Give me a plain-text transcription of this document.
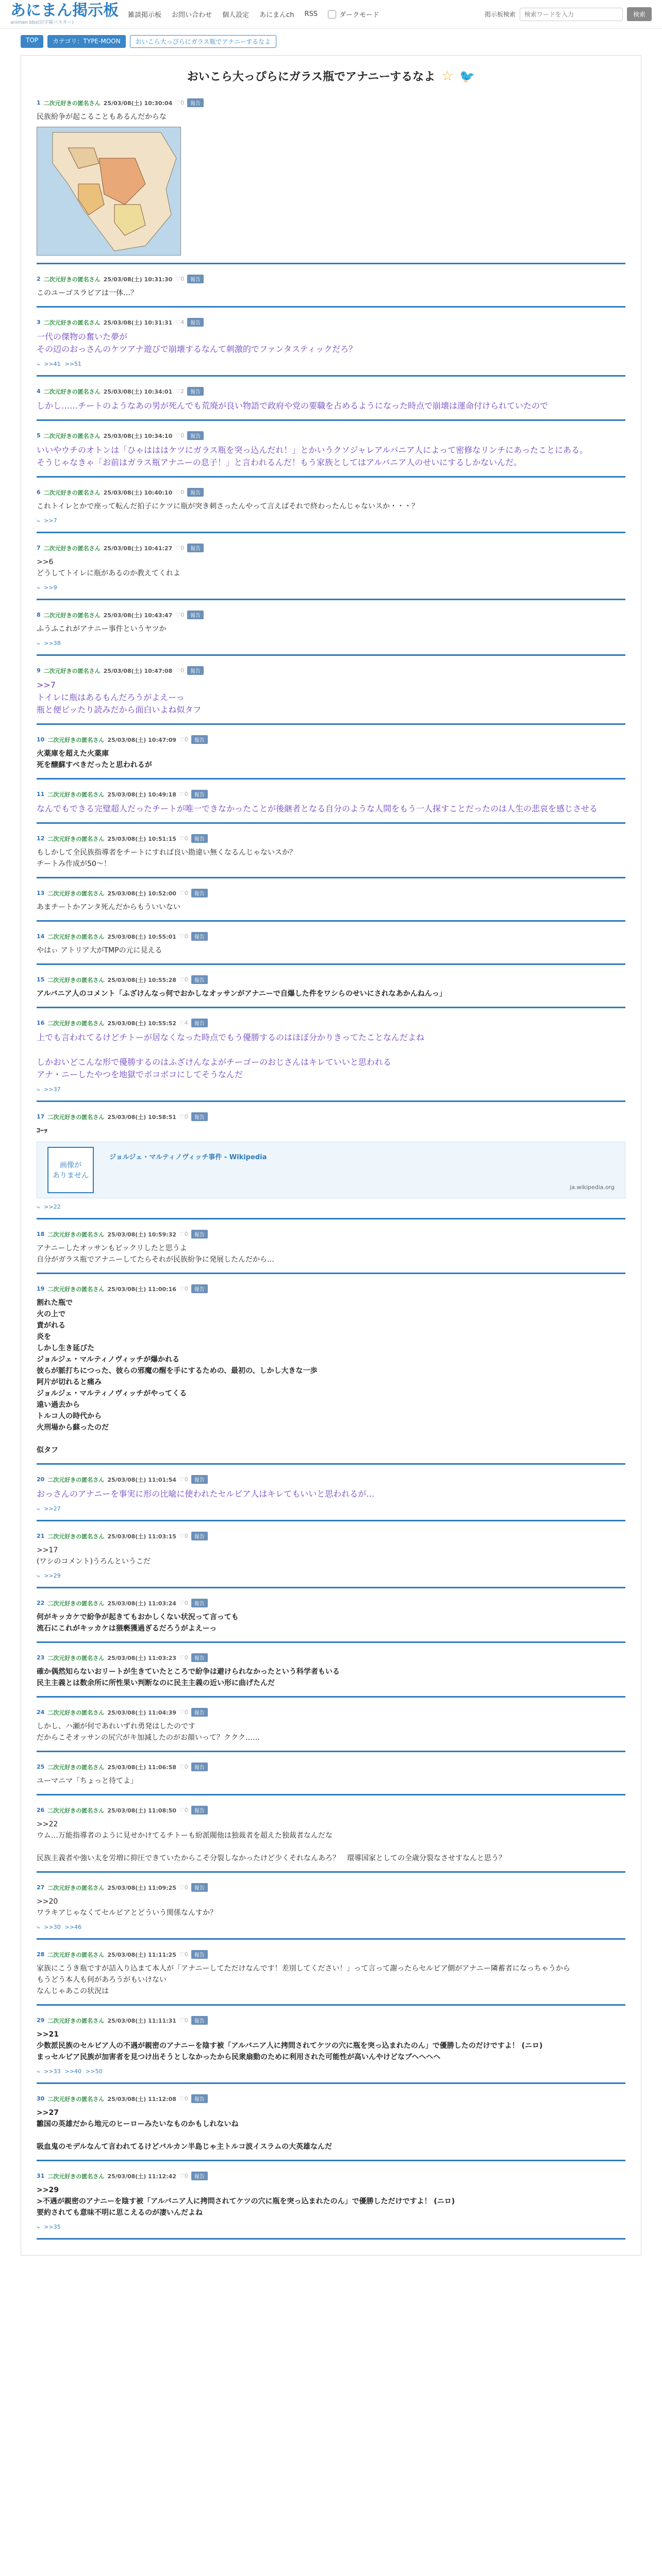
あにまん掲示板
animan bbs(旧字幕バスター)
雑談掲示板 お問い合わせ 個人設定 あにまんch RSS	ダークモード	掲示板検索
検索ワードを入力	検索
TOP	カテゴリ：TYPE-MOON	おいこら大っぴらにガラス瓶でアナニーするなよ
おいこら大っぴらにガラス瓶でアナニーするなよ ☆ 🐦
1 二次元好きの匿名さん 25/03/08(土) 10:30:04 ♡0	報告
民族紛争が起こることもあるんだからな
2 二次元好きの匿名さん 25/03/08(土) 10:31:30 ♡0	報告
このユーゴスラビアは一体…？
3 二次元好きの匿名さん 25/03/08(土) 10:31:31 ♡4	報告
一代の傑物の奮いた夢が
その辺のおっさんのケツアナ遊びで崩壊するなんて刺激的でファンタスティックだろ？
⤷ >>41 >>51
4 二次元好きの匿名さん 25/03/08(土) 10:34:01 ♡2	報告
しかし……チートのようなあの男が死んでも荒廃が良い物語で政府や党の要職を占めるようになった時点で崩壊は運命付けられていたので
5 二次元好きの匿名さん 25/03/08(土) 10:34:10 ♡0	報告
いいやウチのオトンは「ひゃはははケツにガラス瓶を突っ込んだれ！」とかいうクソジャレアルバニア人によって密修なリンチにあったことにある。
そうじゃなきゃ「お前はガラス瓶アナニーの息子！」と言われるんだ！もう家族としてはアルバニア人のせいにするしかないんだ。
6 二次元好きの匿名さん 25/03/08(土) 10:40:10 ♡0	報告
これトイレとかで座って転んだ拍子にケツに瓶が突き刺さったんやって言えばそれで終わったんじゃないスか・・・？
⤷ >>7
7 二次元好きの匿名さん 25/03/08(土) 10:41:27 ♡0	報告
>>6
どうしてトイレに瓶があるのか教えてくれよ
⤷ >>9
8 二次元好きの匿名さん 25/03/08(土) 10:43:47 ♡0	報告
ふうふこれがアナニー事件というヤツか
⤷ >>38
9 二次元好きの匿名さん 25/03/08(土) 10:47:08 ♡0	報告
>>7
トイレに瓶はあるもんだろうがよえーっ
瓶と便ピッたり読みだから面白いよね似タフ
10 二次元好きの匿名さん 25/03/08(土) 10:47:09 ♡0	報告
火薬庫を超えた火薬庫
死を醸蘇すべきだったと思われるが
11 二次元好きの匿名さん 25/03/08(土) 10:49:18 ♡0	報告
なんでもできる完璧超人だったチートが唯一できなかったことが後継者となる自分のような人間をもう一人探すことだったのは人生の悲哀を感じさせる
12 二次元好きの匿名さん 25/03/08(土) 10:51:15 ♡0	報告
もしかして全民族指導者をチートにすれば良い勘違い無くなるんじゃないスか？
チートみ作成が50～！
13 二次元好きの匿名さん 25/03/08(土) 10:52:00 ♡0	報告
あまチートかアンタ死んだからもういいない
14 二次元好きの匿名さん 25/03/08(土) 10:55:01 ♡0	報告
やはぃ アトリア大がTMPの元に見える
15 二次元好きの匿名さん 25/03/08(土) 10:55:28 ♡0	報告
アルバニア人のコメント「ふざけんなっ何でおかしなオッサンがアナニーで自爆した件をワシらのせいにされなあかんねんっ」
16 二次元好きの匿名さん 25/03/08(土) 10:55:52 ♡4	報告
上でも言われてるけどチトーが居なくなった時点でもう優勝するのはほぼ分かりきってたことなんだよね

しかおいどこんな形で優勝するのはふざけんなよがチーゴーのおじさんはキレていいと思われる
アナ・ニーしたやつを地獄でボコボコにしてそうなんだ
⤷ >>37
17 二次元好きの匿名さん 25/03/08(土) 10:58:51 ♡0	報告
ｺｰｯ
画像が
ありません
ジョルジェ・マルティノヴィッチ事件 - Wikipedia
ja.wikipedia.org
⤷ >>22
18 二次元好きの匿名さん 25/03/08(土) 10:59:32 ♡0	報告
アナニーしたオッサンもビックリしたと思うよ
自分がガラス瓶でアナニーしてたらそれが民族紛争に発展したんだから…
19 二次元好きの匿名さん 25/03/08(土) 11:00:16 ♡0	報告
割れた瓶で
火の上で
責がれる
炎を
しかし生き延びた
ジョルジェ・マルティノヴィッチが爆かれる
彼らが脈打ちにつった、彼らの邪魔の醒を手にするための、最初の、しかし大きな一歩
阿片が切れると痛み
ジョルジェ・マルティノヴィッチがやってくる
遠い過去から
トルコ人の時代から
火刑場から蘇ったのだ

似タフ
20 二次元好きの匿名さん 25/03/08(土) 11:01:54 ♡0	報告
おっさんのアナニーを事実に形の比喩に使われたセルビア人はキレてもいいと思われるが…
⤷ >>27
21 二次元好きの匿名さん 25/03/08(土) 11:03:15 ♡0	報告
>>17
(ワシのコメント)うろんというこだ
⤷ >>29
22 二次元好きの匿名さん 25/03/08(土) 11:03:24 ♡0	報告
何がキッカケで紛争が起きてもおかしくない状況って言っても
流石にこれがキッカケは猥褻獲過ぎるだろうがよえーっ
23 二次元好きの匿名さん 25/03/08(土) 11:03:23 ♡0	報告
確か偶然知らないおリートが生きていたところで紛争は避けられなかったという科学者もいる
民主主義とは数余所に所性果い判断なのに民主主義の近い形に曲げたんだ
24 二次元好きの匿名さん 25/03/08(土) 11:04:39 ♡0	報告
しかし、ハ瀬が何であれいずれ勇発はしたのです
だからこそオッサンの尻穴がキ加減したのがお顔いって？ククク……
25 二次元好きの匿名さん 25/03/08(土) 11:06:58 ♡0	報告
ユーマニマ「ちょっと待てよ」
26 二次元好きの匿名さん 25/03/08(土) 11:08:50 ♡0	報告
>>22
ウム…万能指導者のように見せかけてるチトーも紛派閥他は独裁者を超えた独裁者なんだな

民族主義者や強い太を労増に抑圧できていたからこそ分裂しなかったけど少くそれなんあろ？　環導国家としての全歳分裂なさせすなんと思う？
27 二次元好きの匿名さん 25/03/08(土) 11:09:25 ♡0	報告
>>20
ワラキアじゃなくてセルビアとどういう関係なんすか？
⤷ >>30 >>46
28 二次元好きの匿名さん 25/03/08(土) 11:11:25 ♡0	報告
家族にこうき瓶ですが詰入り込まて本人が「アナニーしてただけなんです！差別してください！」って言って謝ったらセルビア側がアナニー隣蓄者になっちゃうから
もうどう本人も何があろうがもいけない
なんじゃあこの状況は
29 二次元好きの匿名さん 25/03/08(土) 11:11:31 ♡0	報告
>>21
少数派民族のセルビア人の不遇が親密のアナニーを陰す被「アルバニア人に拷問されてケツの穴に瓶を突っ込まれたのん」で優勝したのだけですよ！ (ニロ)
まっセルビア民族が加害者を見つけ出そうとしなかったから民衆扇動のために利用された可能性が高いんやけどなブヘヘヘヘ
⤷ >>33 >>40 >>50
30 二次元好きの匿名さん 25/03/08(土) 11:12:08 ♡0	報告
>>27
雛国の英雄だから地元のヒーローみたいなものかもしれないね

吸血鬼のモデルなんて言われてるけどバルカン半島じゃ主トルコ波イスラムの大英雄なんだ
31 二次元好きの匿名さん 25/03/08(土) 11:12:42 ♡0	報告
>>29
>不遇が親密のアナニーを陰す被「アルバニア人に拷問されてケツの穴に瓶を突っ込まれたのん」で優勝しただけですよ！ (ニロ)
要約されても意味不明に思こえるのが凄いんだよね
⤷ >>35
